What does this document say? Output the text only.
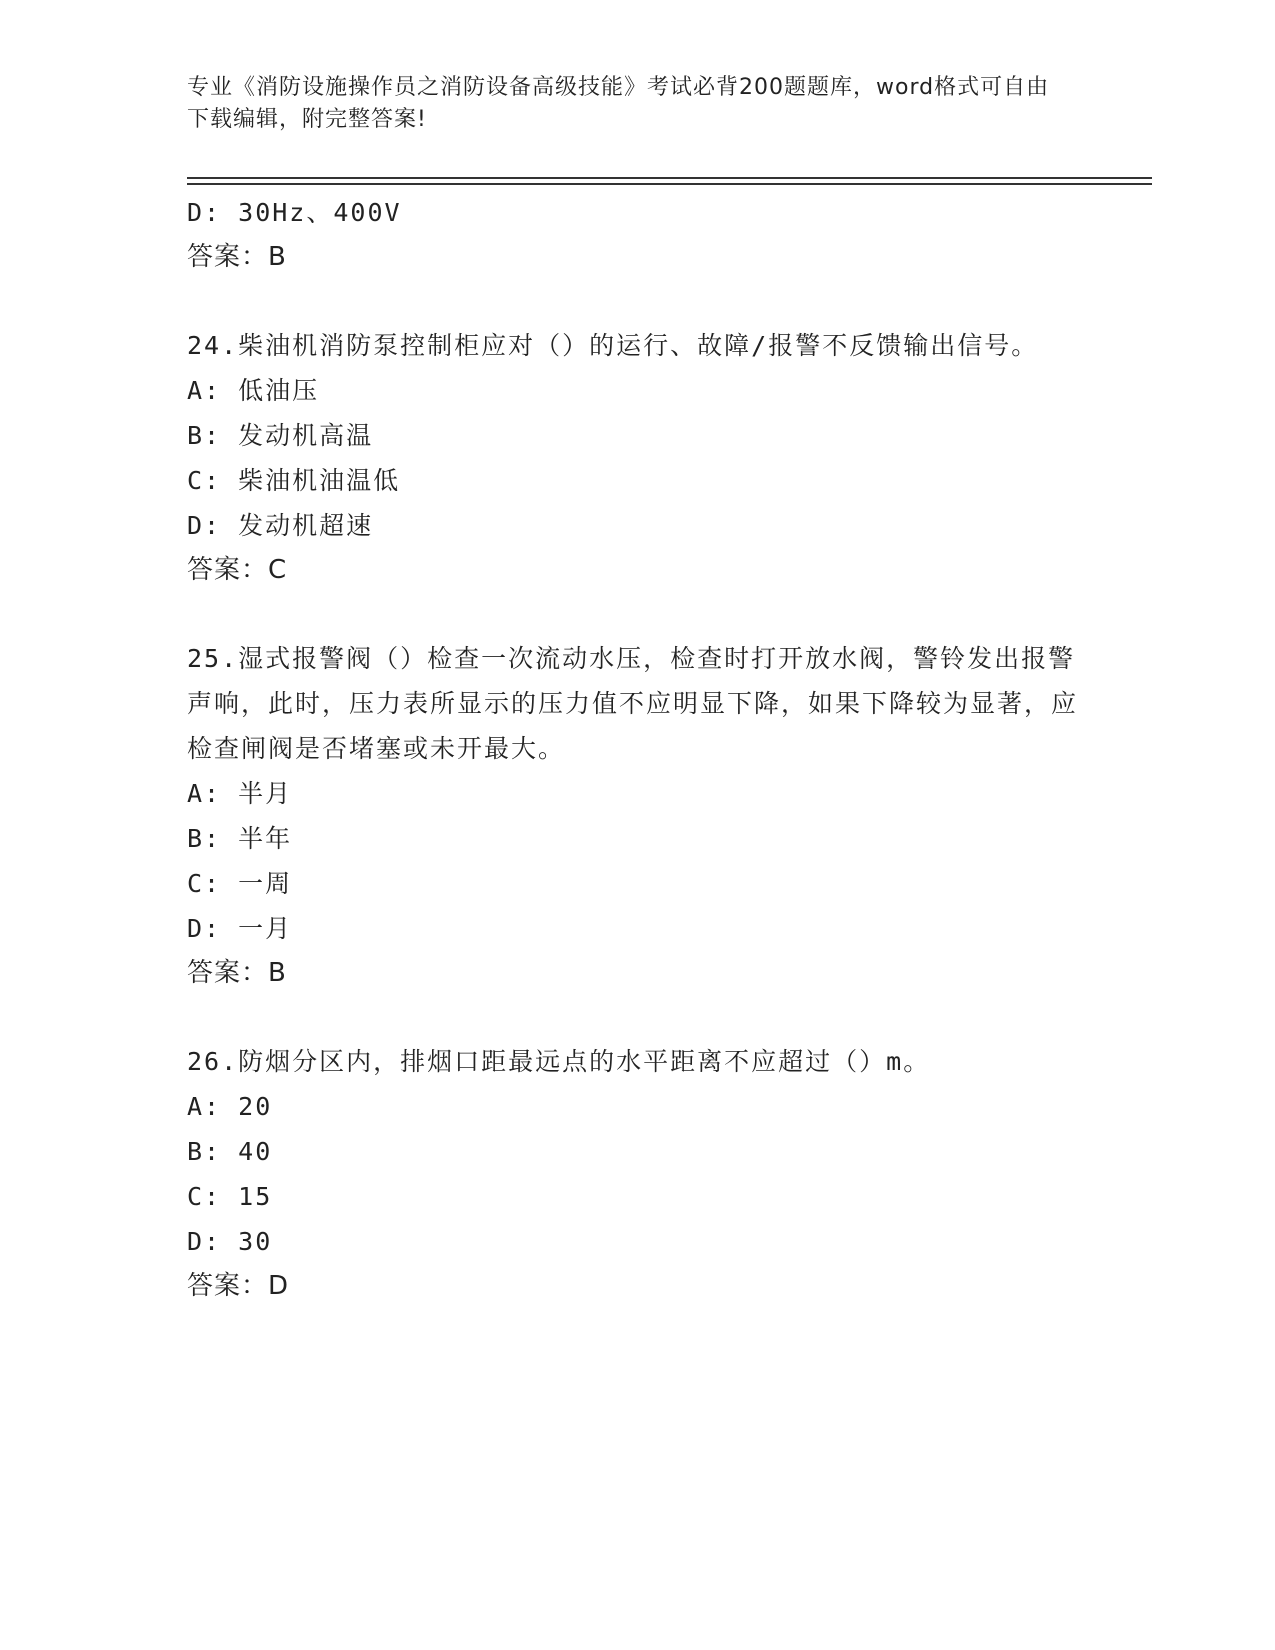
专业《消防设施操作员之消防设备高级技能》考试必背200题题库，word格式可自由下载编辑，附完整答案!
D: 30Hz、400V
答案：B
24.柴油机消防泵控制柜应对（）的运行、故障/报警不反馈输出信号。
A: 低油压
B: 发动机高温
C: 柴油机油温低
D: 发动机超速
答案：C
25.湿式报警阀（）检查一次流动水压，检查时打开放水阀，警铃发出报警声响，此时，压力表所显示的压力值不应明显下降，如果下降较为显著，应检查闸阀是否堵塞或未开最大。
A: 半月
B: 半年
C: 一周
D: 一月
答案：B
26.防烟分区内，排烟口距最远点的水平距离不应超过（）m。
A: 20
B: 40
C: 15
D: 30
答案：D
